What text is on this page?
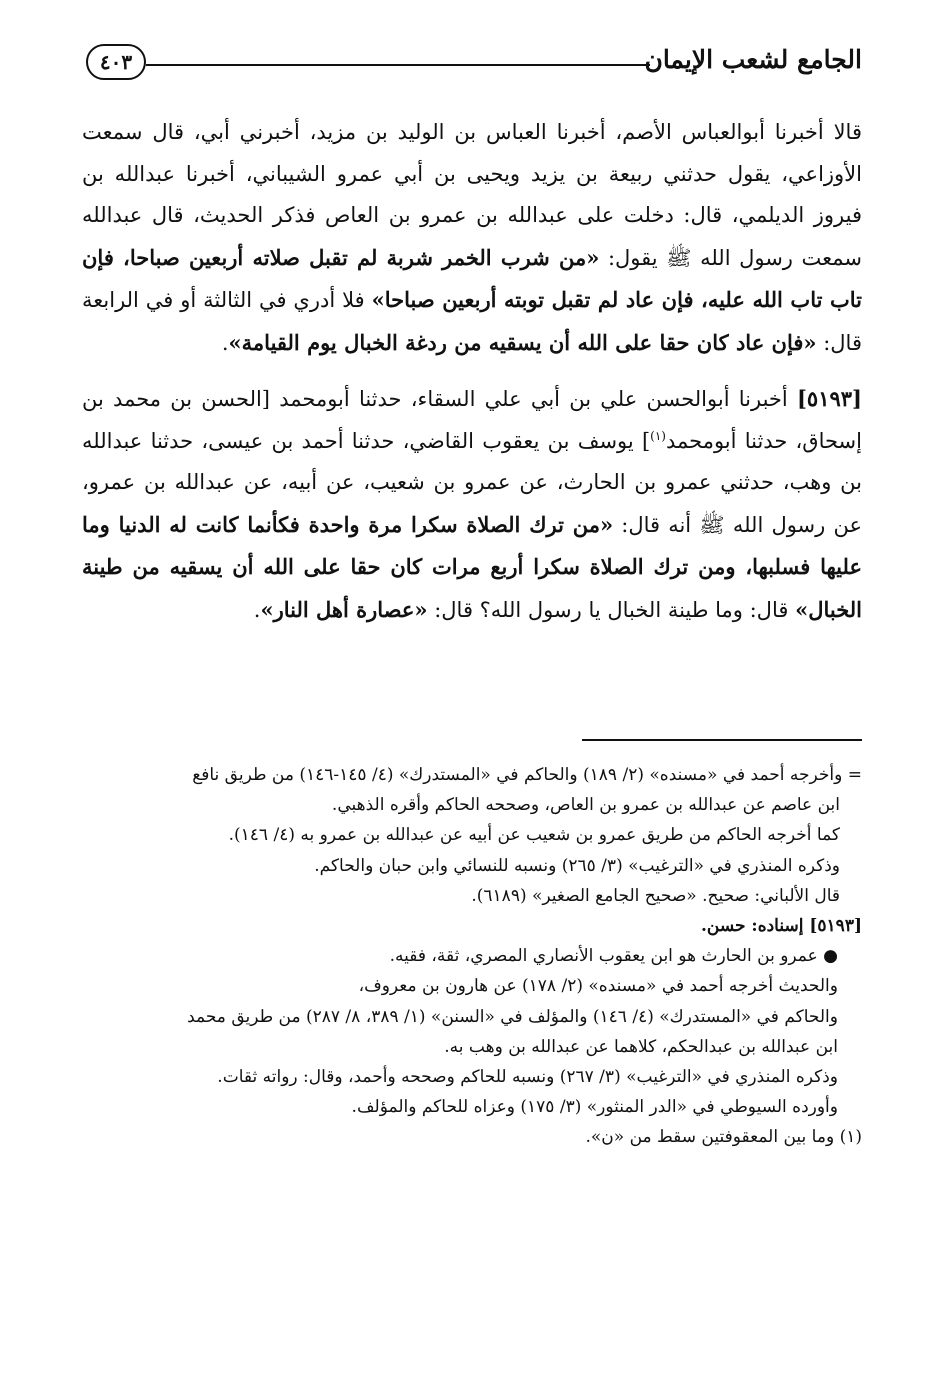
الجامع لشعب الإيمان
٤٠٣

قالا أخبرنا أبوالعباس الأصم، أخبرنا العباس بن الوليد بن مزيد، أخبرني أبي، قال سمعت الأوزاعي، يقول حدثني ربيعة بن يزيد ويحيى بن أبي عمرو الشيباني، أخبرنا عبدالله بن فيروز الديلمي، قال: دخلت على عبدالله بن عمرو بن العاص فذكر الحديث، قال عبدالله سمعت رسول الله ﷺ يقول: «من شرب الخمر شربة لم تقبل صلاته أربعين صباحا، فإن تاب تاب الله عليه، فإن عاد لم تقبل توبته أربعين صباحا» فلا أدري في الثالثة أو في الرابعة قال: «فإن عاد كان حقا على الله أن يسقيه من ردغة الخبال يوم القيامة».

[٥١٩٣] أخبرنا أبوالحسن علي بن أبي علي السقاء، حدثنا أبومحمد [الحسن بن محمد بن إسحاق، حدثنا أبومحمد$^{(١)}$] يوسف بن يعقوب القاضي، حدثنا أحمد بن عيسى، حدثنا عبدالله بن وهب، حدثني عمرو بن الحارث، عن عمرو بن شعيب، عن أبيه، عن عبدالله بن عمرو، عن رسول الله ﷺ أنه قال: «من ترك الصلاة سكرا مرة واحدة فكأنما كانت له الدنيا وما عليها فسلبها، ومن ترك الصلاة سكرا أربع مرات كان حقا على الله أن يسقيه من طينة الخبال» قال: وما طينة الخبال يا رسول الله؟ قال: «عصارة أهل النار».

= وأخرجه أحمد في «مسنده» (٢/ ١٨٩) والحاكم في «المستدرك» (٤/ ١٤٥-١٤٦) من طريق نافع

ابن عاصم عن عبدالله بن عمرو بن العاص، وصححه الحاكم وأقره الذهبي.

كما أخرجه الحاكم من طريق عمرو بن شعيب عن أبيه عن عبدالله بن عمرو به (٤/ ١٤٦).

وذكره المنذري في «الترغيب» (٣/ ٢٦٥) ونسبه للنسائي وابن حبان والحاكم.

قال الألباني: صحيح. «صحيح الجامع الصغير» (٦١٨٩).

[٥١٩٣] إسناده: حسن.

● عمرو بن الحارث هو ابن يعقوب الأنصاري المصري، ثقة، فقيه.

والحديث أخرجه أحمد في «مسنده» (٢/ ١٧٨) عن هارون بن معروف،

والحاكم في «المستدرك» (٤/ ١٤٦) والمؤلف في «السنن» (١/ ٣٨٩، ٨/ ٢٨٧) من طريق محمد

ابن عبدالله بن عبدالحكم، كلاهما عن عبدالله بن وهب به.

وذكره المنذري في «الترغيب» (٣/ ٢٦٧) ونسبه للحاكم وصححه وأحمد، وقال: رواته ثقات.

وأورده السيوطي في «الدر المنثور» (٣/ ١٧٥) وعزاه للحاكم والمؤلف.

(١) وما بين المعقوفتين سقط من «ن».
